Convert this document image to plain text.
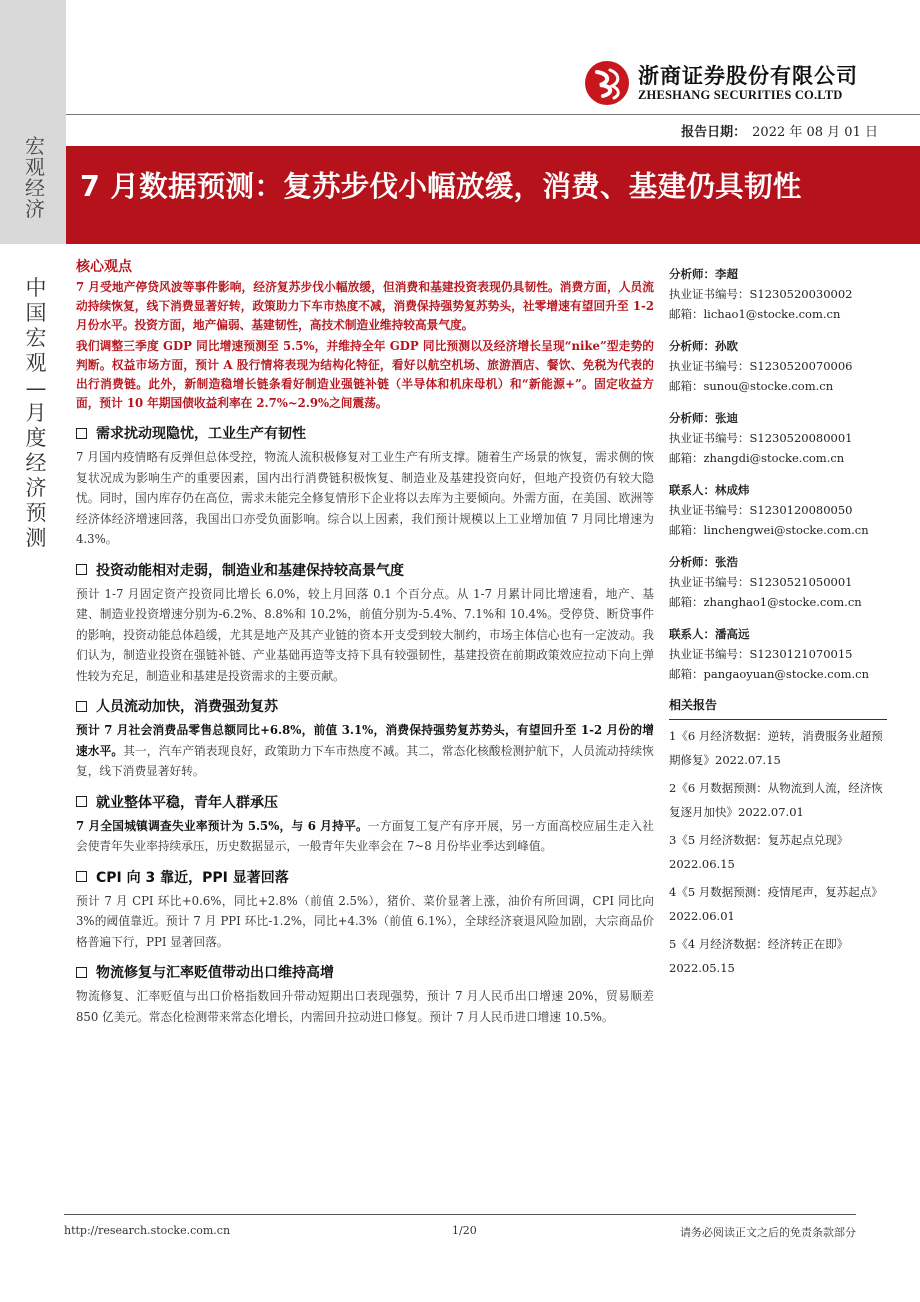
浙商证券股份有限公司
ZHESHANG SECURITIES CO.LTD
宏观经济
中国宏观—月度经济预测
报告日期： 2022 年 08 月 01 日
7 月数据预测：复苏步伐小幅放缓，消费、基建仍具韧性
核心观点

7 月受地产停贷风波等事件影响，经济复苏步伐小幅放缓，但消费和基建投资表现仍具韧性。消费方面，人员流动持续恢复，线下消费显著好转，政策助力下车市热度不减，消费保持强势复苏势头，社零增速有望回升至 1-2 月份水平。投资方面，地产偏弱、基建韧性，高技术制造业维持较高景气度。

我们调整三季度 GDP 同比增速预测至 5.5%，并维持全年 GDP 同比预测以及经济增长呈现“nike”型走势的判断。权益市场方面，预计 A 股行情将表现为结构化特征，看好以航空机场、旅游酒店、餐饮、免税为代表的出行消费链。此外，新制造稳增长链条看好制造业强链补链（半导体和机床母机）和“新能源+”。固定收益方面，预计 10 年期国债收益利率在 2.7%~2.9%之间震荡。

需求扰动现隐忧，工业生产有韧性

7 月国内疫情略有反弹但总体受控，物流人流积极修复对工业生产有所支撑。随着生产场景的恢复，需求侧的恢复状况成为影响生产的重要因素，国内出行消费链积极恢复、制造业及基建投资向好，但地产投资仍有较大隐忧。同时，国内库存仍在高位，需求未能完全修复情形下企业将以去库为主要倾向。外需方面，在美国、欧洲等经济体经济增速回落，我国出口亦受负面影响。综合以上因素，我们预计规模以上工业增加值 7 月同比增速为 4.3%。

投资动能相对走弱，制造业和基建保持较高景气度

预计 1-7 月固定资产投资同比增长 6.0%，较上月回落 0.1 个百分点。从 1-7 月累计同比增速看，地产、基建、制造业投资增速分别为-6.2%、8.8%和 10.2%，前值分别为-5.4%、7.1%和 10.4%。受停贷、断贷事件的影响，投资动能总体趋缓，尤其是地产及其产业链的资本开支受到较大制约，市场主体信心也有一定波动。我们认为，制造业投资在强链补链、产业基础再造等支持下具有较强韧性，基建投资在前期政策效应拉动下向上弹性较为充足，制造业和基建是投资需求的主要贡献。

人员流动加快，消费强劲复苏

预计 7 月社会消费品零售总额同比+6.8%，前值 3.1%，消费保持强势复苏势头，有望回升至 1-2 月份的增速水平。其一，汽车产销表现良好，政策助力下车市热度不减。其二，常态化核酸检测护航下，人员流动持续恢复，线下消费显著好转。

就业整体平稳，青年人群承压

7 月全国城镇调查失业率预计为 5.5%，与 6 月持平。一方面复工复产有序开展，另一方面高校应届生走入社会使青年失业率持续承压，历史数据显示，一般青年失业率会在 7~8 月份毕业季达到峰值。

CPI 向 3 靠近，PPI 显著回落

预计 7 月 CPI 环比+0.6%，同比+2.8%（前值 2.5%），猪价、菜价显著上涨，油价有所回调，CPI 同比向 3%的阈值靠近。预计 7 月 PPI 环比-1.2%，同比+4.3%（前值 6.1%），全球经济衰退风险加剧，大宗商品价格普遍下行，PPI 显著回落。

物流修复与汇率贬值带动出口维持高增

物流修复、汇率贬值与出口价格指数回升带动短期出口表现强势，预计 7 月人民币出口增速 20%，贸易顺差 850 亿美元。常态化检测带来常态化增长，内需回升拉动进口修复。预计 7 月人民币进口增速 10.5%。

分析师：李超
执业证书编号：S1230520030002
邮箱：lichao1@stocke.com.cn
分析师：孙欧
执业证书编号：S1230520070006
邮箱：sunou@stocke.com.cn
分析师：张迪
执业证书编号：S1230520080001
邮箱：zhangdi@stocke.com.cn
联系人：林成炜
执业证书编号：S1230120080050
邮箱：linchengwei@stocke.com.cn
分析师：张浩
执业证书编号：S1230521050001
邮箱：zhanghao1@stocke.com.cn
联系人：潘高远
执业证书编号：S1230121070015
邮箱：pangaoyuan@stocke.com.cn
相关报告
1《6 月经济数据：逆转，消费服务业超预期修复》2022.07.15
2《6 月数据预测：从物流到人流，经济恢复逐月加快》2022.07.01
3《5 月经济数据：复苏起点兑现》2022.06.15
4《5 月数据预测：疫情尾声，复苏起点》2022.06.01
5《4 月经济数据：经济转正在即》2022.05.15
http://research.stocke.com.cn	1/20	请务必阅读正文之后的免责条款部分
